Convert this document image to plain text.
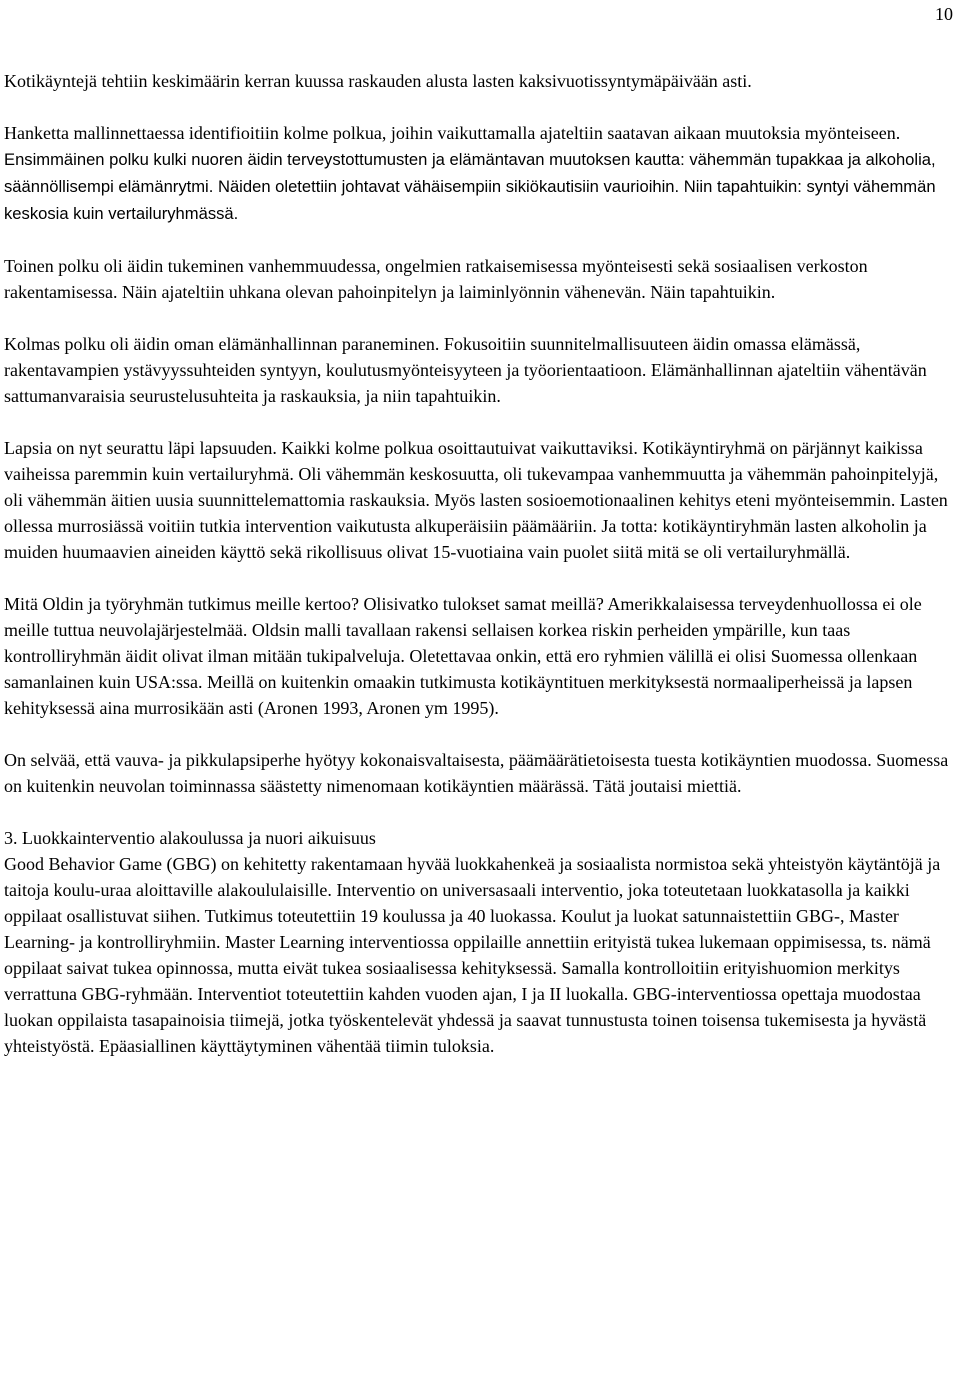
10

Kotikäyntejä tehtiin keskimäärin kerran kuussa raskauden alusta lasten kaksivuotissyntymäpäivään asti.

Hanketta mallinnettaessa identifioitiin kolme polkua, joihin vaikuttamalla ajateltiin saatavan aikaan muutoksia myönteiseen. Ensimmäinen polku kulki nuoren äidin terveystottumusten ja elämäntavan muutoksen kautta: vähemmän tupakkaa ja alkoholia, säännöllisempi elämänrytmi. Näiden oletettiin johtavat vähäisempiin sikiökautisiin vaurioihin. Niin tapahtuikin: syntyi vähemmän keskosia kuin vertailuryhmässä.

Toinen polku oli äidin tukeminen vanhemmuudessa, ongelmien ratkaisemisessa myönteisesti sekä sosiaalisen verkoston rakentamisessa. Näin ajateltiin uhkana olevan pahoinpitelyn ja laiminlyönnin vähenevän. Näin tapahtuikin.

Kolmas polku oli äidin oman elämänhallinnan paraneminen. Fokusoitiin suunnitelmallisuuteen äidin omassa elämässä, rakentavampien ystävyyssuhteiden syntyyn, koulutusmyönteisyyteen ja työorientaatioon. Elämänhallinnan ajateltiin vähentävän sattumanvaraisia seurustelusuhteita ja raskauksia, ja niin tapahtuikin.

Lapsia on nyt seurattu läpi lapsuuden. Kaikki kolme polkua osoittautuivat vaikuttaviksi. Kotikäyntiryhmä on pärjännyt kaikissa vaiheissa paremmin kuin vertailuryhmä. Oli vähemmän keskosuutta, oli tukevampaa vanhemmuutta ja vähemmän pahoinpitelyjä, oli vähemmän äitien uusia suunnittelemattomia raskauksia. Myös lasten sosioemotionaalinen kehitys eteni myönteisemmin. Lasten ollessa murrosiässä voitiin tutkia intervention vaikutusta alkuperäisiin päämääriin. Ja totta: kotikäyntiryhmän lasten alkoholin ja muiden huumaavien aineiden käyttö sekä rikollisuus olivat 15-vuotiaina vain puolet siitä mitä se oli vertailuryhmällä.

Mitä Oldin ja työryhmän tutkimus meille kertoo? Olisivatko tulokset samat meillä? Amerikkalaisessa terveydenhuollossa ei ole meille tuttua neuvolajärjestelmää. Oldsin malli tavallaan rakensi sellaisen korkea riskin perheiden ympärille, kun taas kontrolliryhmän äidit olivat ilman mitään tukipalveluja. Oletettavaa onkin, että ero ryhmien välillä ei olisi Suomessa ollenkaan samanlainen kuin USA:ssa. Meillä on kuitenkin omaakin tutkimusta kotikäyntituen merkityksestä normaaliperheissä ja lapsen kehityksessä aina murrosikään asti (Aronen 1993, Aronen ym 1995).

On selvää, että vauva- ja pikkulapsiperhe hyötyy kokonaisvaltaisesta, päämäärätietoisesta tuesta kotikäyntien muodossa. Suomessa on kuitenkin neuvolan toiminnassa säästetty nimenomaan kotikäyntien määrässä. Tätä joutaisi miettiä.

3. Luokkainterventio alakoulussa ja nuori aikuisuus
Good Behavior Game (GBG) on kehitetty rakentamaan hyvää luokkahenkeä ja sosiaalista normistoa sekä yhteistyön käytäntöjä ja taitoja koulu-uraa aloittaville alakoululaisille. Interventio on universasaali interventio, joka toteutetaan luokkatasolla ja kaikki oppilaat osallistuvat siihen. Tutkimus toteutettiin 19 koulussa ja 40 luokassa. Koulut ja luokat satunnaistettiin GBG-, Master Learning- ja kontrolliryhmiin. Master Learning interventiossa oppilaille annettiin erityistä tukea lukemaan oppimisessa, ts. nämä oppilaat saivat tukea opinnossa, mutta eivät tukea sosiaalisessa kehityksessä. Samalla kontrolloitiin erityishuomion merkitys verrattuna GBG-ryhmään. Interventiot toteutettiin kahden vuoden ajan, I ja II luokalla. GBG-interventiossa opettaja muodostaa luokan oppilaista tasapainoisia tiimejä, jotka työskentelevät yhdessä ja saavat tunnustusta toinen toisensa tukemisesta ja hyvästä yhteistyöstä. Epäasiallinen käyttäytyminen vähentää tiimin tuloksia.
